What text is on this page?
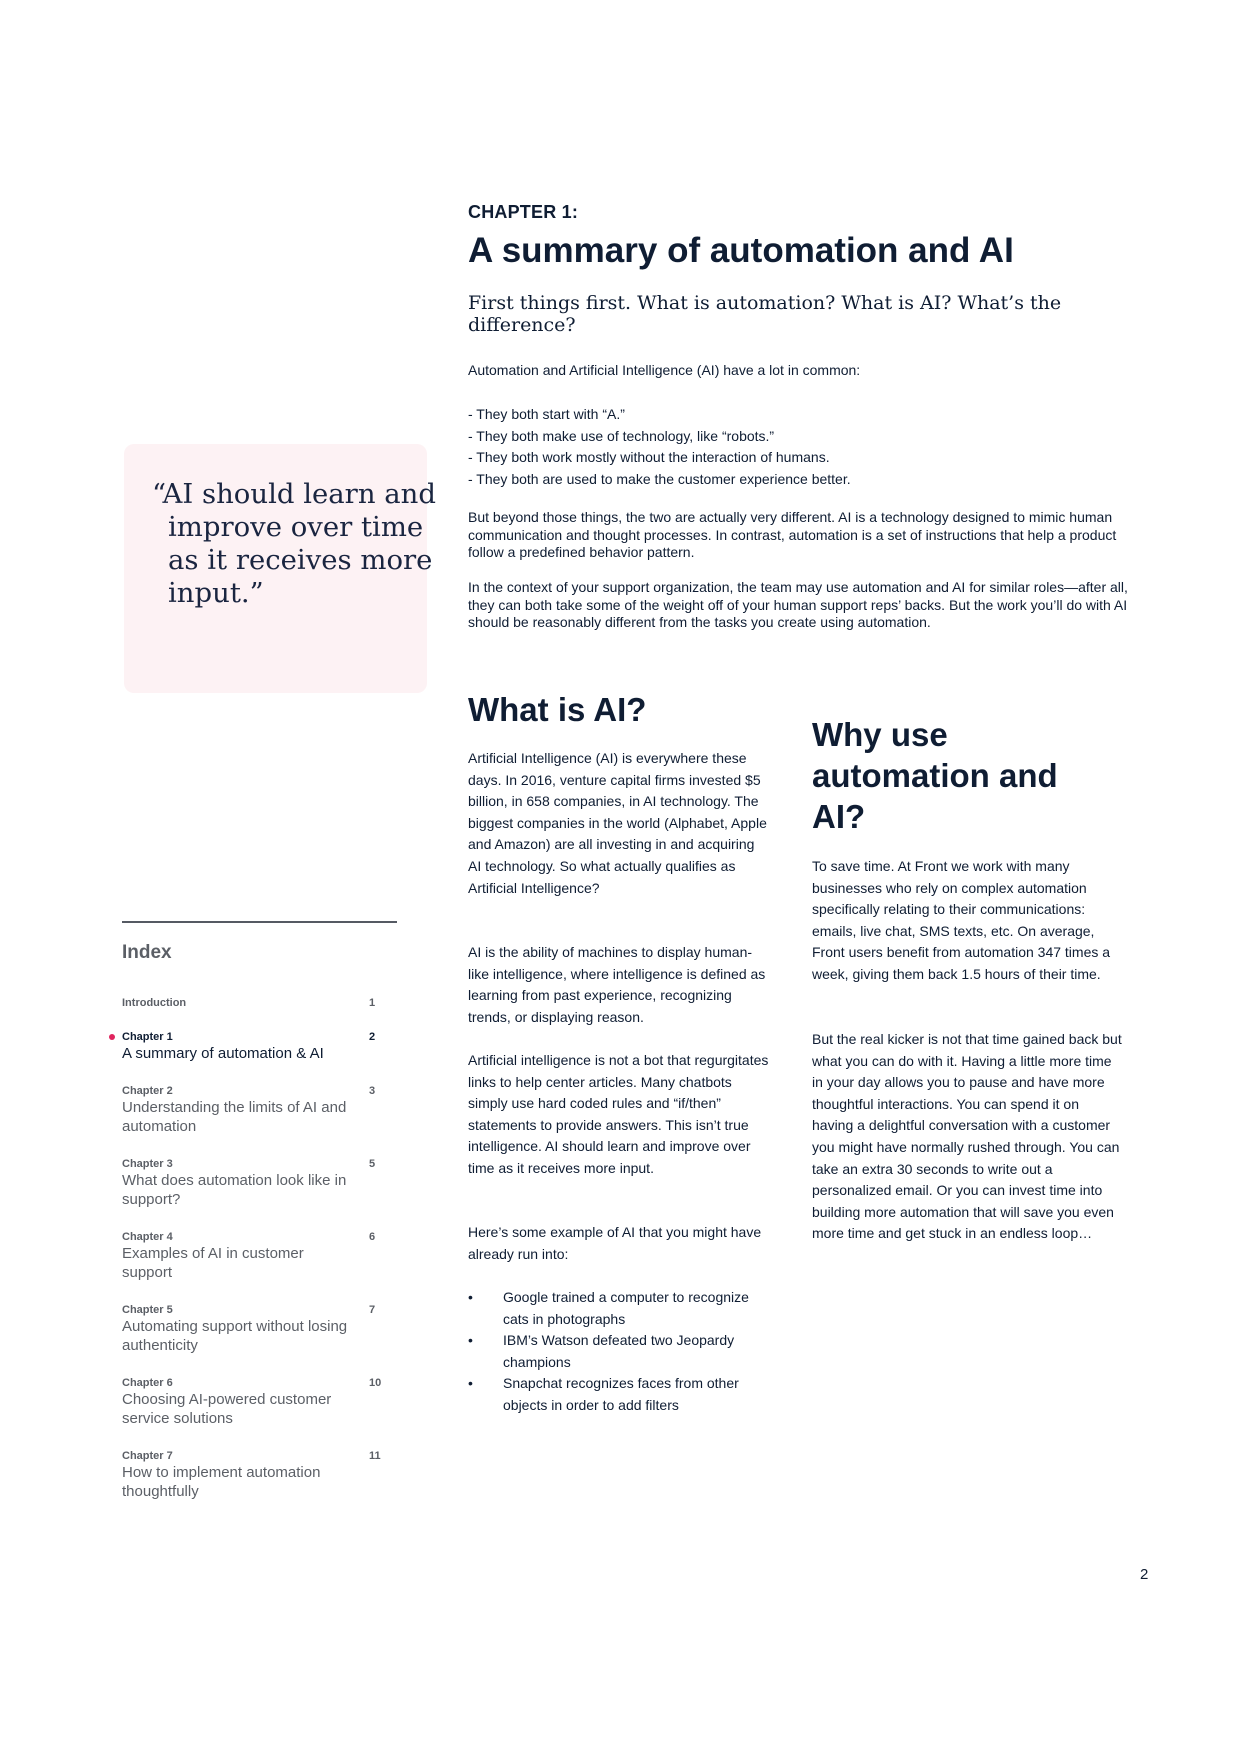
CHAPTER 1:
A summary of automation and AI

First things first. What is automation? What is AI? What’s the difference?

Automation and Artificial Intelligence (AI) have a lot in common:

- They both start with “A.”
- They both make use of technology, like “robots.”
- They both work mostly without the interaction of humans.
- They both are used to make the customer experience better.

But beyond those things, the two are actually very different. AI is a technology designed to mimic human communication and thought processes. In contrast, automation is a set of instructions that help a product follow a predefined behavior pattern.

In the context of your support organization, the team may use automation and AI for similar roles—after all, they can both take some of the weight off of your human support reps’ backs. But the work you’ll do with AI should be reasonably different from the tasks you create using automation.

“AI should learn and improve over time as it receives more input.”

What is AI?

Artificial Intelligence (AI) is everywhere these days. In 2016, venture capital firms invested $5 billion, in 658 companies, in AI technology. The biggest companies in the world (Alphabet, Apple and Amazon) are all investing in and acquiring AI technology. So what actually qualifies as Artificial Intelligence?

AI is the ability of machines to display human-like intelligence, where intelligence is defined as learning from past experience, recognizing trends, or displaying reason.

Artificial intelligence is not a bot that regurgitates links to help center articles. Many chatbots simply use hard coded rules and “if/then” statements to provide answers. This isn’t true intelligence. AI should learn and improve over time as it receives more input.

Here’s some example of AI that you might have already run into:

• Google trained a computer to recognize cats in photographs
• IBM’s Watson defeated two Jeopardy champions
• Snapchat recognizes faces from other objects in order to add filters
Why use automation and AI?

To save time. At Front we work with many businesses who rely on complex automation specifically relating to their communications: emails, live chat, SMS texts, etc. On average, Front users benefit from automation 347 times a week, giving them back 1.5 hours of their time.

But the real kicker is not that time gained back but what you can do with it. Having a little more time in your day allows you to pause and have more thoughtful interactions. You can spend it on having a delightful conversation with a customer you might have normally rushed through. You can take an extra 30 seconds to write out a personalized email. Or you can invest time into building more automation that will save you even more time and get stuck in an endless loop…

Index
Introduction	1
Chapter 1
A summary of automation & AI
2
Chapter 2
Understanding the limits of AI and automation
3
Chapter 3
What does automation look like in support?
5
Chapter 4
Examples of AI in customer support
6
Chapter 5
Automating support without losing authenticity
7
Chapter 6
Choosing AI-powered customer service solutions
10
Chapter 7
How to implement automation thoughtfully
11
2
